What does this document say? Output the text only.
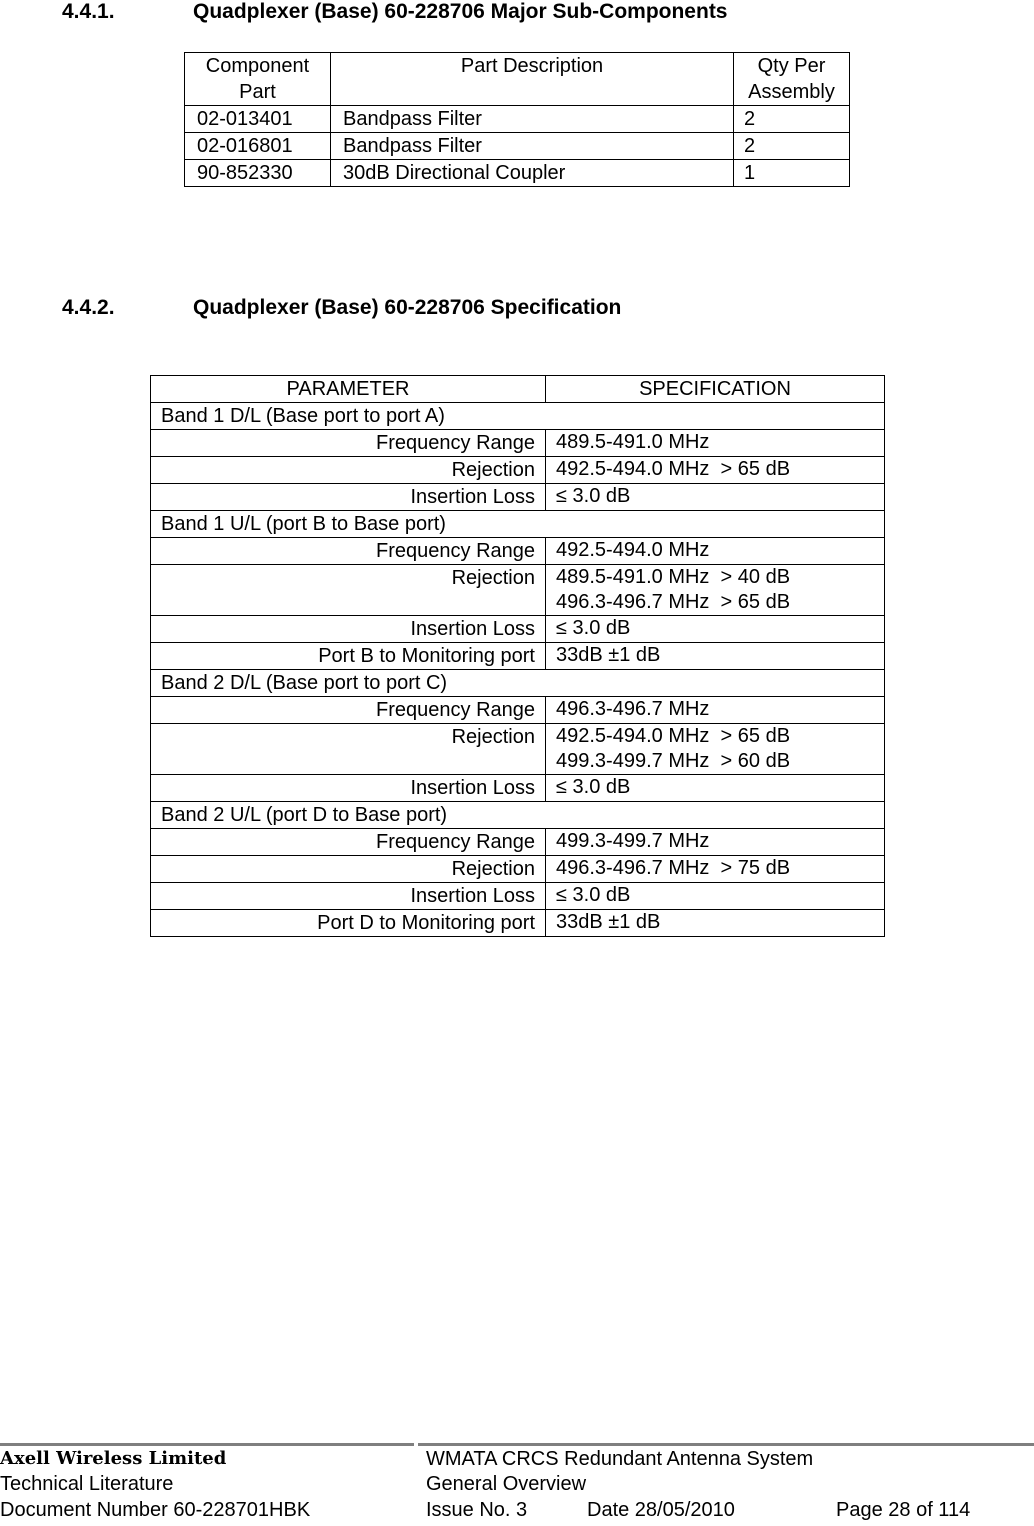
4.4.1.	Quadplexer (Base) 60-228706 Major Sub-Components
Component
Part	Part Description	Qty Per
Assembly
02-013401	Bandpass Filter	2
02-016801	Bandpass Filter	2
90-852330	30dB Directional Coupler	1
4.4.2.	Quadplexer (Base) 60-228706 Specification
PARAMETER	SPECIFICATION
Band 1 D/L (Base port to port A)	
Frequency Range	489.5-491.0 MHz

Rejection	492.5-494.0 MHz  > 65 dB

Insertion Loss	≤ 3.0 dB

Band 1 U/L (port B to Base port)	
Frequency Range	492.5-494.0 MHz

Rejection	489.5-491.0 MHz  > 40 dB
496.3-496.7 MHz  > 65 dB

Insertion Loss	≤ 3.0 dB

Port B to Monitoring port	33dB ±1 dB

Band 2 D/L (Base port to port C)	
Frequency Range	496.3-496.7 MHz

Rejection	492.5-494.0 MHz  > 65 dB
499.3-499.7 MHz  > 60 dB

Insertion Loss	≤ 3.0 dB

Band 2 U/L (port D to Base port)	
Frequency Range	499.3-499.7 MHz

Rejection	496.3-496.7 MHz  > 75 dB

Insertion Loss	≤ 3.0 dB

Port D to Monitoring port	33dB ±1 dB
Axell Wireless Limited
Technical Literature
Document Number 60-228701HBK
WMATA CRCS Redundant Antenna System
General Overview
Issue No. 3	Date 28/05/2010	Page 28 of 114
